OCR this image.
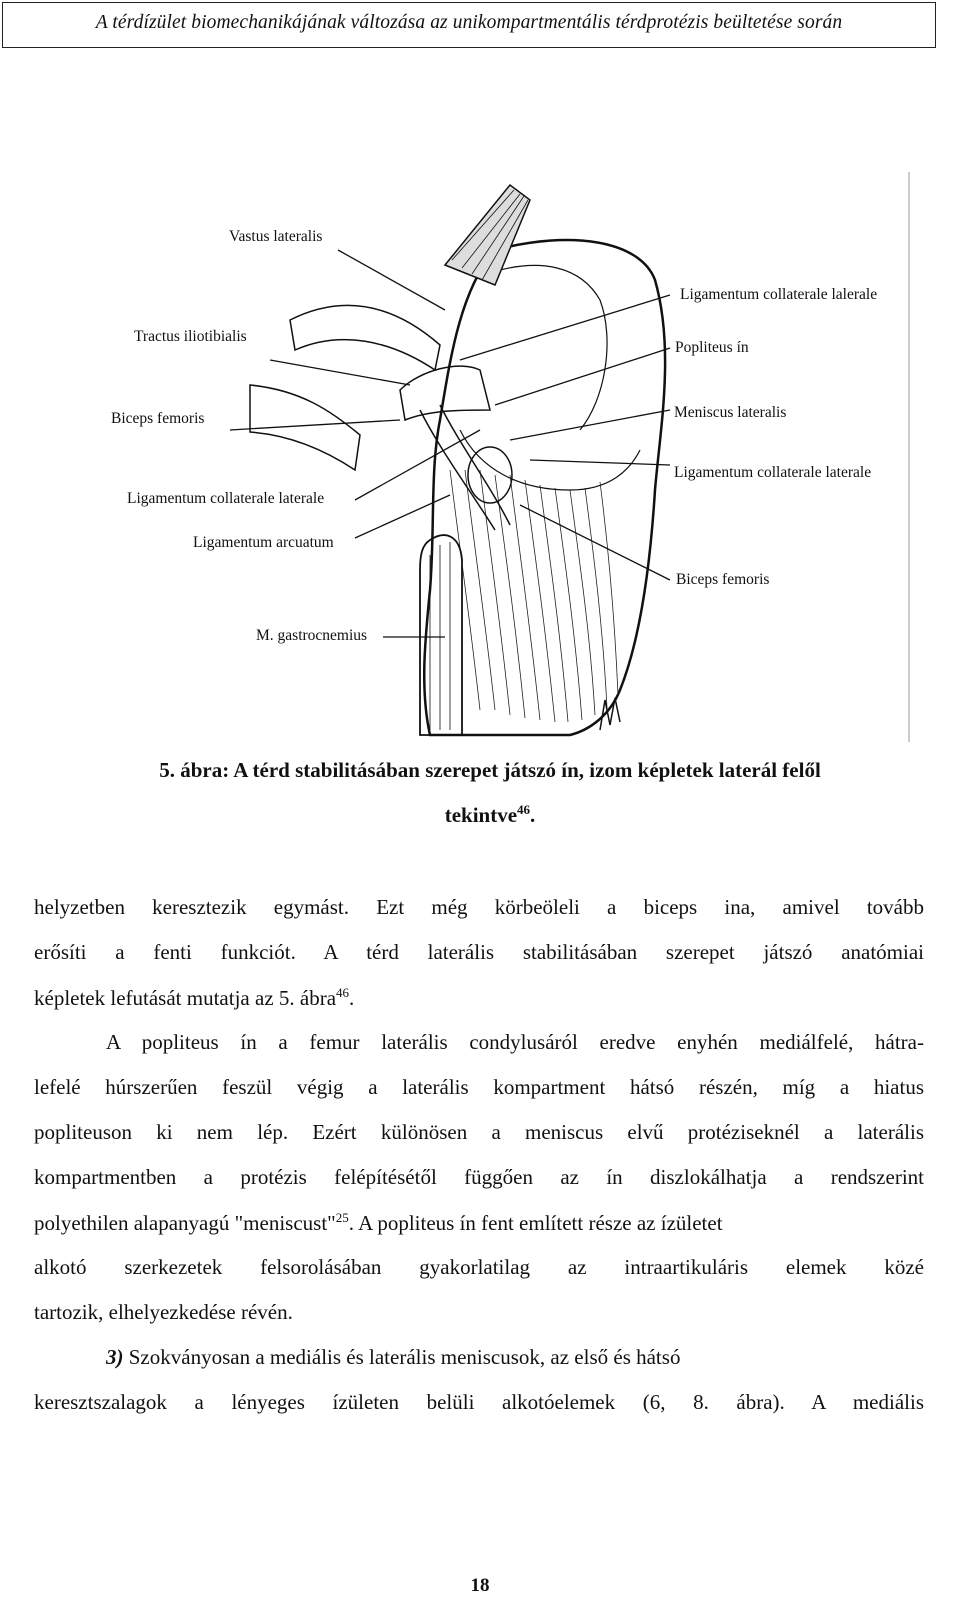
A térdízület biomechanikájának változása az unikompartmentális térdprotézis beültetése során
Vastus lateralis
Tractus iliotibialis
Biceps femoris
Ligamentum collaterale laterale
Ligamentum arcuatum
M. gastrocnemius
Ligamentum collaterale lalerale
Popliteus ín
Meniscus lateralis
Ligamentum collaterale laterale
Biceps femoris
5. ábra: A térd stabilitásában szerepet játszó ín, izom képletek laterál felől
tekintve$^{46}$.
helyzetben keresztezik egymást. Ezt még körbeöleli a biceps ina, amivel tovább
erősíti a fenti funkciót. A térd laterális stabilitásában szerepet játszó anatómiai
képletek lefutását mutatja az 5. ábra$^{46}$.
A popliteus ín a femur laterális condylusáról eredve enyhén mediálfelé, hátra-
lefelé húrszerűen feszül végig a laterális kompartment hátsó részén, míg a hiatus
popliteuson ki nem lép. Ezért különösen a meniscus elvű protéziseknél a laterális
kompartmentben a protézis felépítésétől függően az ín diszlokálhatja a rendszerint
polyethilen alapanyagú "meniscust"$^{25}$. A popliteus ín fent említett része az ízületet
alkotó szerkezetek felsorolásában gyakorlatilag az intraartikuláris elemek közé
tartozik, elhelyezkedése révén.
3) Szokványosan a mediális és laterális meniscusok, az első és hátsó
keresztszalagok a lényeges ízületen belüli alkotóelemek (6, 8. ábra). A mediális
18
